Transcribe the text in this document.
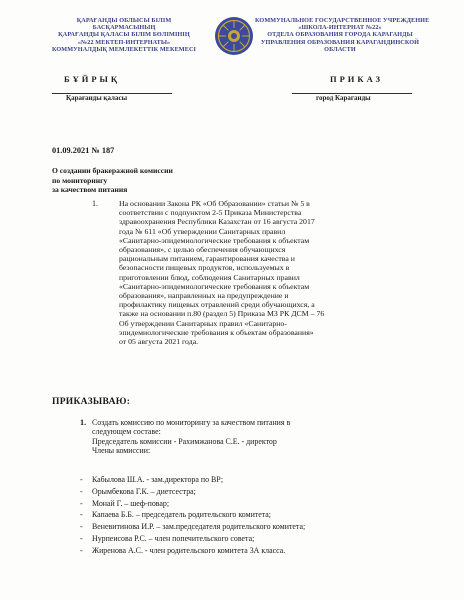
ҚАРАҒАНДЫ ОБЛЫСЫ БІЛІМ
БАСҚАРМАСЫНЫҢ
ҚАРАҒАНДЫ ҚАЛАСЫ БІЛІМ БӨЛІМІНІҢ
«№22 МЕКТЕП-ИНТЕРНАТЫ»
КОММУНАЛДЫҚ МЕМЛЕКЕТТІК МЕКЕМЕСІ
КОММУНАЛЬНОЕ ГОСУДАРСТВЕННОЕ УЧРЕЖДЕНИЕ
«ШКОЛА-ИНТЕРНАТ №22»
ОТДЕЛА ОБРАЗОВАНИЯ ГОРОДА КАРАГАНДЫ
УПРАВЛЕНИЯ ОБРАЗОВАНИЯ КАРАГАНДИНСКОЙ
ОБЛАСТИ
БҰЙРЫҚ	ПРИКАЗ
Қарағанды қаласы	город Караганды
01.09.2021 № 187
О создании бракеражной комиссии
по мониторингу
за качеством питания
1.	На основании Закона РК «Об Образовании» статьи № 5 в
соответствии с подпунктом 2-5 Приказа Министерства
здравоохранения Республики Казахстан от 16 августа 2017
года № 611 «Об утверждении Санитарных правил
«Санитарно-эпидемиологические требования к объектам
образования», с целью обеспечения обучающихся
рациональным питанием, гарантирования качества и
безопасности пищевых продуктов, используемых в
приготовлении блюд, соблюдения Санитарных правил
«Санитарно-эпидемиологические требования к объектам
образования», направленных на предупреждение и
профилактику пищевых отравлений среди обучающихся, а
также на основании п.80 (раздел 5) Приказа МЗ РК ДСМ – 76
Об утверждении Санитарных правил «Санитарно-
эпидемиологические требования к объектам образования»
от 05 августа 2021 года.
ПРИКАЗЫВАЮ:
1. Создать комиссию по мониторингу за качеством питания в
следующем составе:
Председатель комиссии - Рахимжанова С.Е. - директор
Члены комиссии:
-	Кабылова Ш.А. - зам.директора по ВР;
-	Орымбекова Г.К. – диетсестра;
-	Монай Г. – шеф-повар;
-	Капаева Б.Б. – председатель родительского комитета;
-	Веневитинова И.Р. – зам.председателя родительского комитета;
-	Нурпеисова Р.С. – член попечительского совета;
-	Жиренова А.С. - член родительского комитета 3А класса.
